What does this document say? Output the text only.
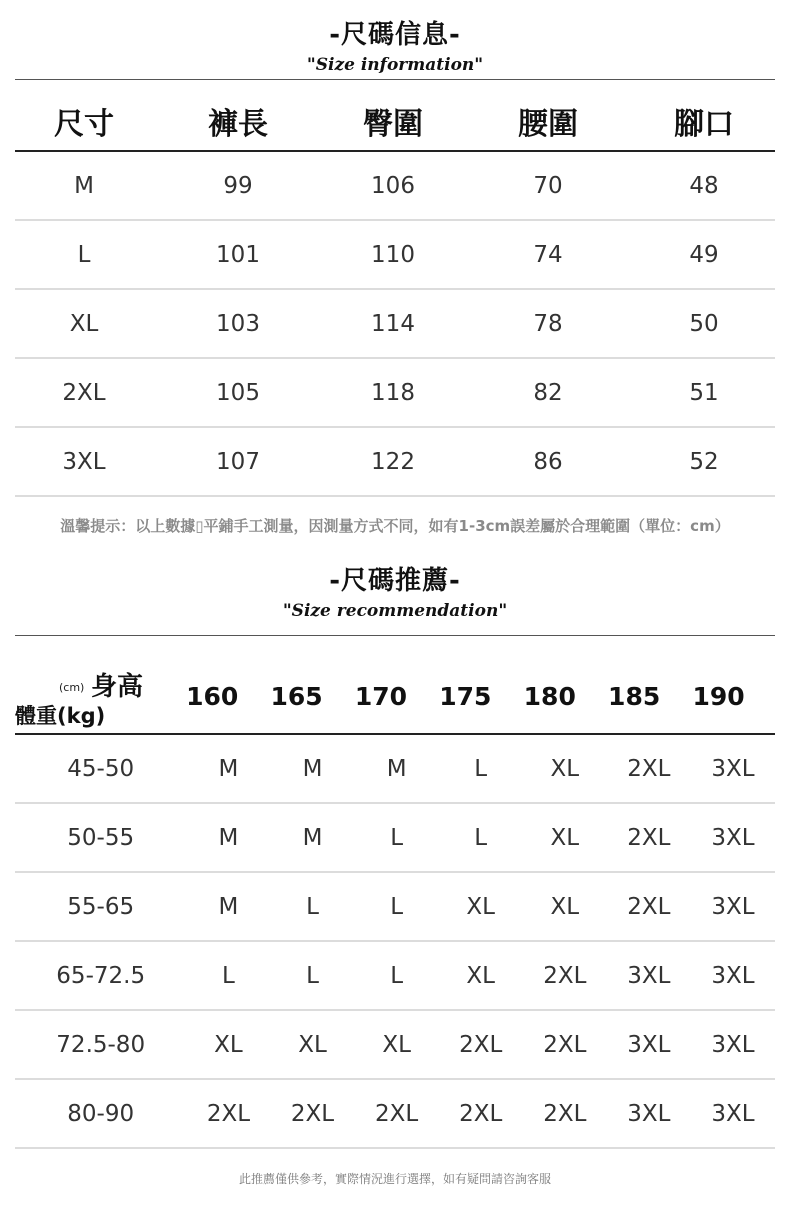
-尺碼信息-
"Size information"
尺寸	褲長	臀圍	腰圍	腳口
M	99	106	70	48
L	101	110	74	49
XL	103	114	78	50
2XL	105	118	82	51
3XL	107	122	86	52
溫馨提示：以上數據▯平鋪手工測量，因測量方式不同，如有1-3cm誤差屬於合理範圍（單位：cm）
-尺碼推薦-
"Size recommendation"
(cm) 身高
體重(kg)
160	165	170	175	180	185	190
45-50	M	M	M	L	XL	2XL	3XL
50-55	M	M	L	L	XL	2XL	3XL
55-65	M	L	L	XL	XL	2XL	3XL
65-72.5	L	L	L	XL	2XL	3XL	3XL
72.5-80	XL	XL	XL	2XL	2XL	3XL	3XL
80-90	2XL	2XL	2XL	2XL	2XL	3XL	3XL
此推薦僅供參考，實際情況進行選擇，如有疑問請咨詢客服
